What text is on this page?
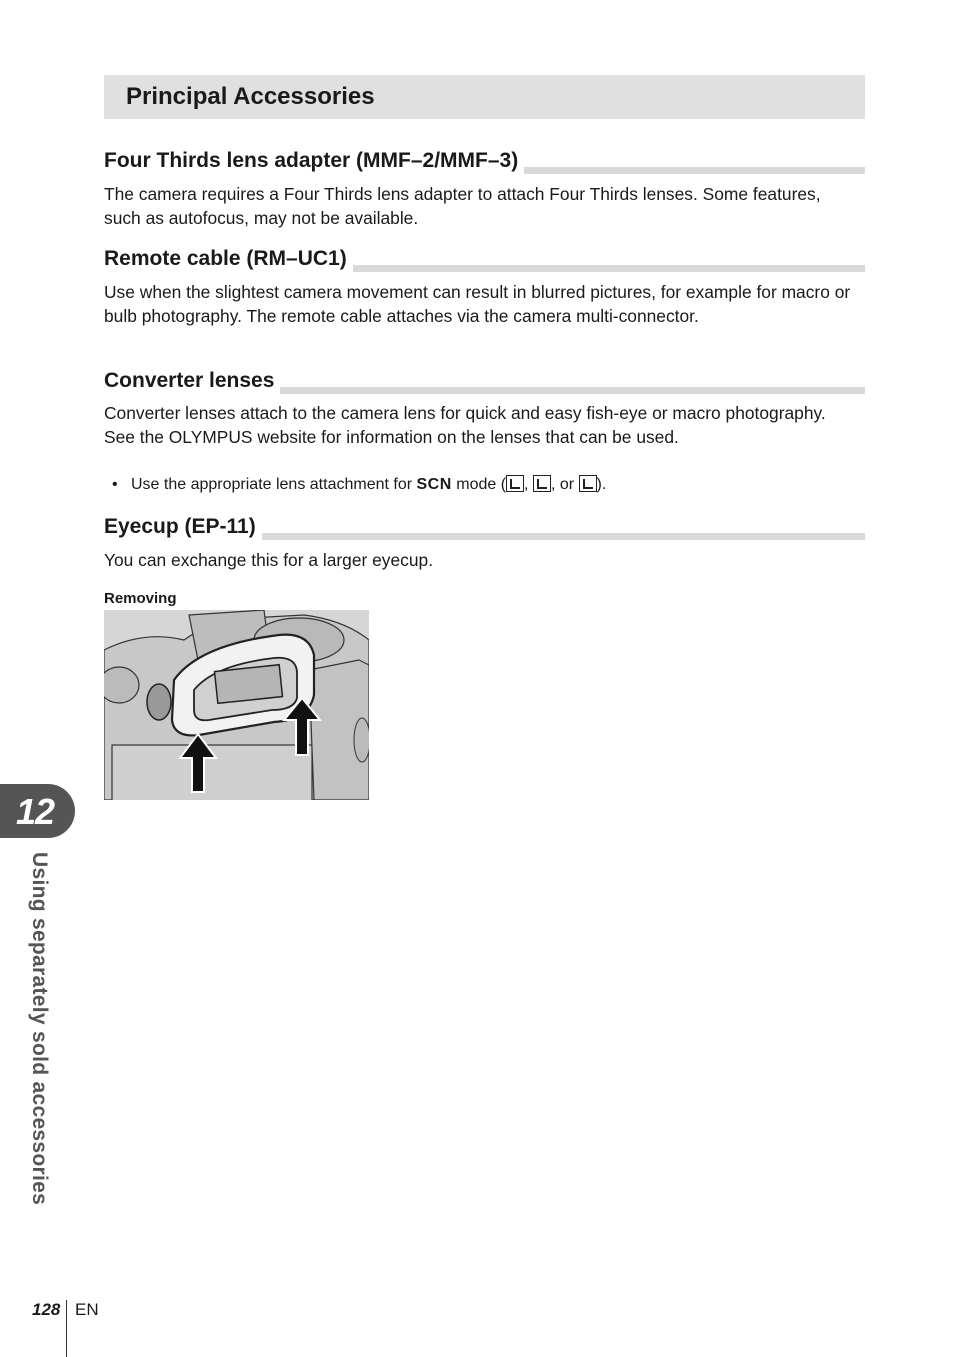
Principal Accessories
Four Thirds lens adapter (MMF–2/MMF–3)

The camera requires a Four Thirds lens adapter to attach Four Thirds lenses. Some features, such as autofocus, may not be available.

Remote cable (RM–UC1)

Use when the slightest camera movement can result in blurred pictures, for example for macro or bulb photography. The remote cable attaches via the camera multi-connector.

Converter lenses

Converter lenses attach to the camera lens for quick and easy fish-eye or macro photography. See the OLYMPUS website for information on the lenses that can be used.

• Use the appropriate lens attachment for SCN mode ( , , or ).

Eyecup (EP-11)

You can exchange this for a larger eyecup.

Removing

12
Using separately sold accessories
128 EN
